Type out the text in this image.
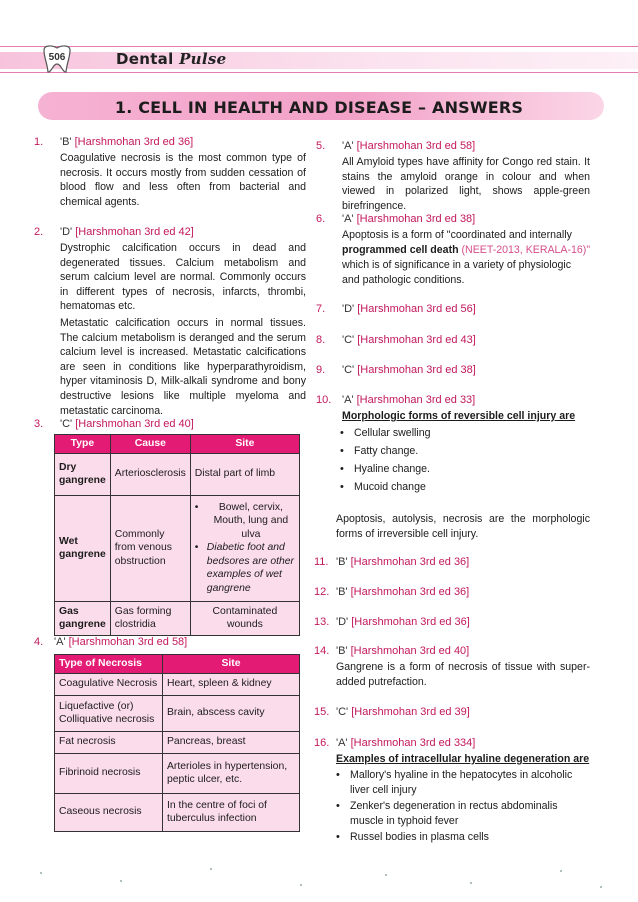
506	Dental Pulse
1. CELL IN HEALTH AND DISEASE – ANSWERS
1. 'B' [Harshmohan 3rd ed 36]
Coagulative necrosis is the most common type of necrosis. It occurs mostly from sudden cessation of blood flow and less often from bacterial and chemical agents.
2. 'D' [Harshmohan 3rd ed 42]
Dystrophic calcification occurs in dead and degenerated tissues. Calcium metabolism and serum calcium level are normal. Commonly occurs in different types of necrosis, infarcts, thrombi, hematomas etc.
Metastatic calcification occurs in normal tissues. The calcium metabolism is deranged and the serum calcium level is increased. Metastatic calcifications are seen in conditions like hyperparathyroidism, hyper vitaminosis D, Milk-alkali syndrome and bony destructive lesions like multiple myeloma and metastatic carcinoma.
3. 'C' [Harshmohan 3rd ed 40]
Type	Cause	Site
Dry gangrene	Arteriosclerosis	Distal part of limb
Wet gangrene	Commonly from venous obstruction	• Bowel, cervix, Mouth, lung and ulva
• Diabetic foot and bedsores are other examples of wet gangrene

Gas gangrene	Gas forming clostridia	Contaminated wounds
4. 'A' [Harshmohan 3rd ed 58]
Type of Necrosis	Site
Coagulative Necrosis	Heart, spleen & kidney
Liquefactive (or) Colliquative necrosis	Brain, abscess cavity
Fat necrosis	Pancreas, breast
Fibrinoid necrosis	Arterioles in hypertension, peptic ulcer, etc.
Caseous necrosis	In the centre of foci of tuberculus infection
5. 'A' [Harshmohan 3rd ed 58]
All Amyloid types have affinity for Congo red stain. It stains the amyloid orange in colour and when viewed in polarized light, shows apple-green birefringence.
6. 'A' [Harshmohan 3rd ed 38]
Apoptosis is a form of "coordinated and internally
programmed cell death (NEET-2013, KERALA-16)"
which is of significance in a variety of physiologic and pathologic conditions.
7. 'D' [Harshmohan 3rd ed 56]
8. 'C' [Harshmohan 3rd ed 43]
9. 'C' [Harshmohan 3rd ed 38]
10. 'A' [Harshmohan 3rd ed 33]
Morphologic forms of reversible cell injury are
• Cellular swelling
• Fatty change.
• Hyaline change.
• Mucoid change
Apoptosis, autolysis, necrosis are the morphologic forms of irreversible cell injury.
11. 'B' [Harshmohan 3rd ed 36]
12. 'B' [Harshmohan 3rd ed 36]
13. 'D' [Harshmohan 3rd ed 36]
14. 'B' [Harshmohan 3rd ed 40]
Gangrene is a form of necrosis of tissue with super-added putrefaction.
15. 'C' [Harshmohan 3rd ed 39]
16. 'A' [Harshmohan 3rd ed 334]
Examples of intracellular hyaline degeneration are
• Mallory's hyaline in the hepatocytes in alcoholic liver cell injury
• Zenker's degeneration in rectus abdominalis muscle in typhoid fever
• Russel bodies in plasma cells
